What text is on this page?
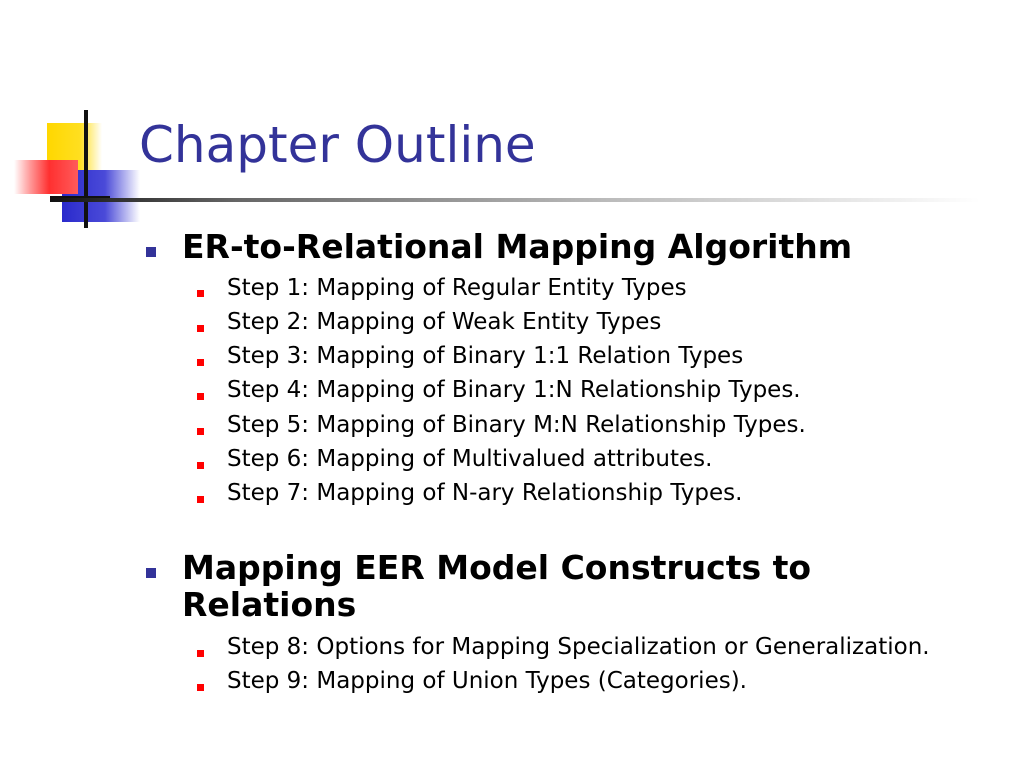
Chapter Outline

ER-to-Relational Mapping Algorithm

Step 1: Mapping of Regular Entity Types

Step 2: Mapping of Weak Entity Types

Step 3: Mapping of Binary 1:1 Relation Types

Step 4: Mapping of Binary 1:N Relationship Types.

Step 5: Mapping of Binary M:N Relationship Types.

Step 6: Mapping of Multivalued attributes.

Step 7: Mapping of N-ary Relationship Types.

Mapping EER Model Constructs to

Relations

Step 8: Options for Mapping Specialization or Generalization.

Step 9: Mapping of Union Types (Categories).
